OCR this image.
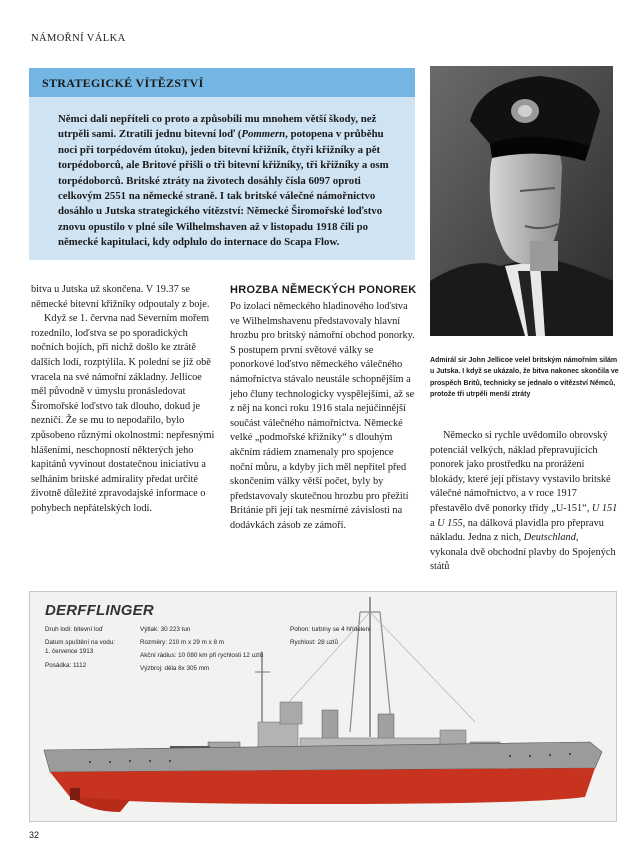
NÁMOŘNÍ VÁLKA
STRATEGICKÉ VÍTĚZSTVÍ
Němci dali nepříteli co proto a způsobili mu mnohem větší škody, než utrpěli sami. Ztratili jednu bitevní loď (Pommern, potopena v průběhu noci při torpédovém útoku), jeden bitevní křižník, čtyři křižníky a pět torpédoborců, ale Britové přišli o tři bitevní křižníky, tři křižníky a osm torpédoborců. Britské ztráty na životech dosáhly čísla 6097 oproti celkovým 2551 na německé straně. I tak britské válečné námořnictvo dosáhlo u Jutska strategického vítězství: Německé Širomořské loďstvo znovu opustilo v plné síle Wilhelmshaven až v listopadu 1918 čili po německé kapitulaci, kdy odplulo do internace do Scapa Flow.
Admirál sir John Jellicoe velel britským námořním silám u Jutska. I když se ukázalo, že bitva nakonec skončila ve prospěch Britů, technicky se jednalo o vítězství Němců, protože tři utrpěli menší ztráty

bitva u Jutska už skončena. V 19.37 se německé bitevní křižníky odpoutaly z boje.

Když se 1. června nad Severním mořem rozednilo, loďstva se po sporadických nočních bojích, při nichž došlo ke ztrátě dalších lodí, rozptýlila. K polední se již obě vracela na své námořní základny. Jellicoe měl původně v úmyslu pronásledovat Širomořské loďstvo tak dlouho, dokud je nezničí. Že se mu to nepodařilo, bylo způsobeno různými okolnostmi: nepřesnými hlášeními, neschopností některých jeho kapitánů vyvinout dostatečnou iniciativu a selháním britské admirality předat určité životně důležité zpravodajské informace o pohybech nepřátelských lodí.

HROZBA NĚMECKÝCH PONOREK

Po izolaci německého hladinového loďstva ve Wilhelmshavenu představovaly hlavní hrozbu pro britský námořní obchod ponorky. S postupem první světové války se ponorkové loďstvo německého válečného námořnictva stávalo neustále schopnějším a jeho čluny technologicky vyspělejšími, až se z něj na konci roku 1916 stala nejúčinnější součást válečného námořnictva. Německé velké „podmořské křižníky“ s dlouhým akčním rádiem znamenaly pro spojence noční můru, a kdyby jich měl nepřítel před skončením války větší počet, byly by představovaly skutečnou hrozbu pro přežití Británie při její tak nesmírné závislosti na dodávkách zásob ze zámoří.

Německo si rychle uvědomilo obrovský potenciál velkých, náklad přepravujících ponorek jako prostředku na prorážení blokády, které její přístavy vystavilo britské válečné námořnictvo, a v roce 1917 přestavělo dvě ponorky třídy „U-151“, U 151 a U 155, na dálková plavidla pro přepravu nákladu. Jedna z nich, Deutschland, vykonala dvě obchodní plavby do Spojených států

DERFFLINGER
Druh lodi: bitevní loď
Datum spuštění na vodu:
1. července 1913
Posádka: 1112
Výtlak: 30 223 tun
Rozměry: 210 m x 29 m x 8 m
Akční rádius: 10 080 km při rychlosti 12 uzlů
Výzbroj: děla 8x 305 mm
Pohon: turbíny se 4 hřídeleni
Rychlost: 28 uzlů
32
